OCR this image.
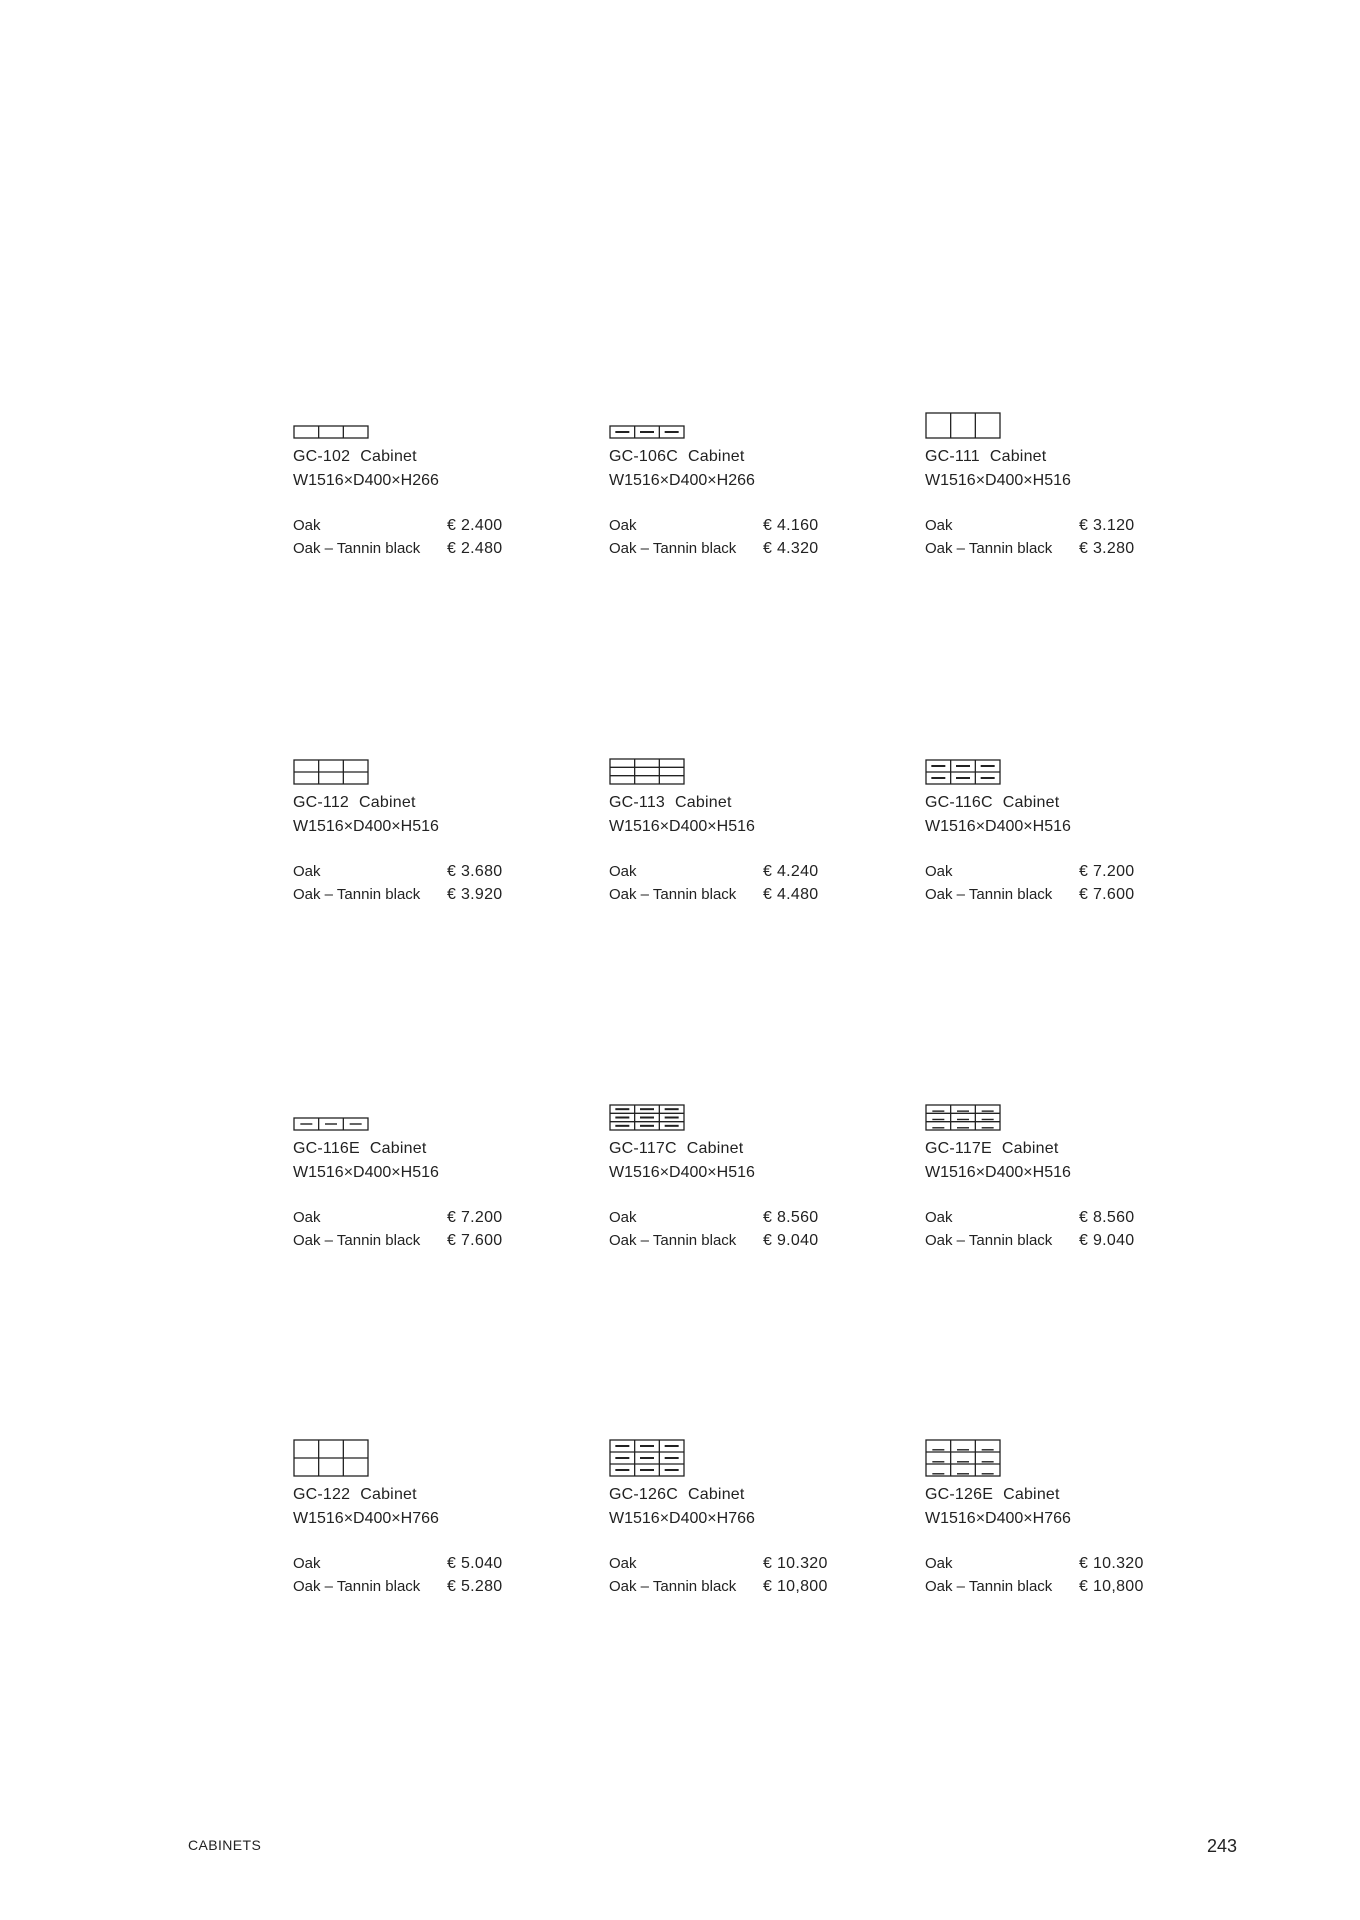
GC-102 Cabinet
W1516×D400×H266
Oak	€ 2.400
Oak – Tannin black € 2.480
GC-106C Cabinet
W1516×D400×H266
Oak	€ 4.160
Oak – Tannin black € 4.320
GC-111 Cabinet
W1516×D400×H516
Oak	€ 3.120
Oak – Tannin black € 3.280
GC-112 Cabinet
W1516×D400×H516
Oak	€ 3.680
Oak – Tannin black € 3.920
GC-113 Cabinet
W1516×D400×H516
Oak	€ 4.240
Oak – Tannin black € 4.480
GC-116C Cabinet
W1516×D400×H516
Oak	€ 7.200
Oak – Tannin black € 7.600
GC-116E Cabinet
W1516×D400×H516
Oak	€ 7.200
Oak – Tannin black € 7.600
GC-117C Cabinet
W1516×D400×H516
Oak	€ 8.560
Oak – Tannin black € 9.040
GC-117E Cabinet
W1516×D400×H516
Oak	€ 8.560
Oak – Tannin black € 9.040
GC-122 Cabinet
W1516×D400×H766
Oak	€ 5.040
Oak – Tannin black € 5.280
GC-126C Cabinet
W1516×D400×H766
Oak	€ 10.320
Oak – Tannin black € 10,800
GC-126E Cabinet
W1516×D400×H766
Oak	€ 10.320
Oak – Tannin black € 10,800
CABINETS	243
